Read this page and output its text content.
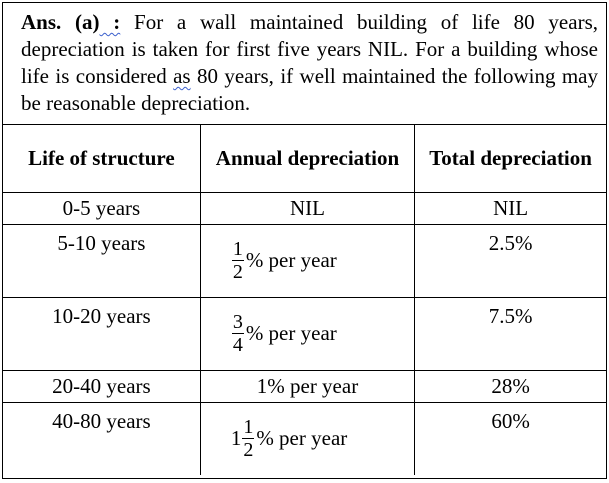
Ans. (a) : For a wall maintained building of life 80 years, depreciation is taken for first five years NIL. For a building whose life is considered as 80 years, if well maintained the following may be reasonable depreciation.
Life of structure	Annual depreciation	Total depreciation
0-5 years	NIL	NIL
5-10 years	$\frac{1}{2}$ % per year	2.5%
10-20 years	$\frac{3}{4}$ % per year	7.5%
20-40 years	1% per year	28%
40-80 years	$1 \frac{1}{2}$ % per year	60%
